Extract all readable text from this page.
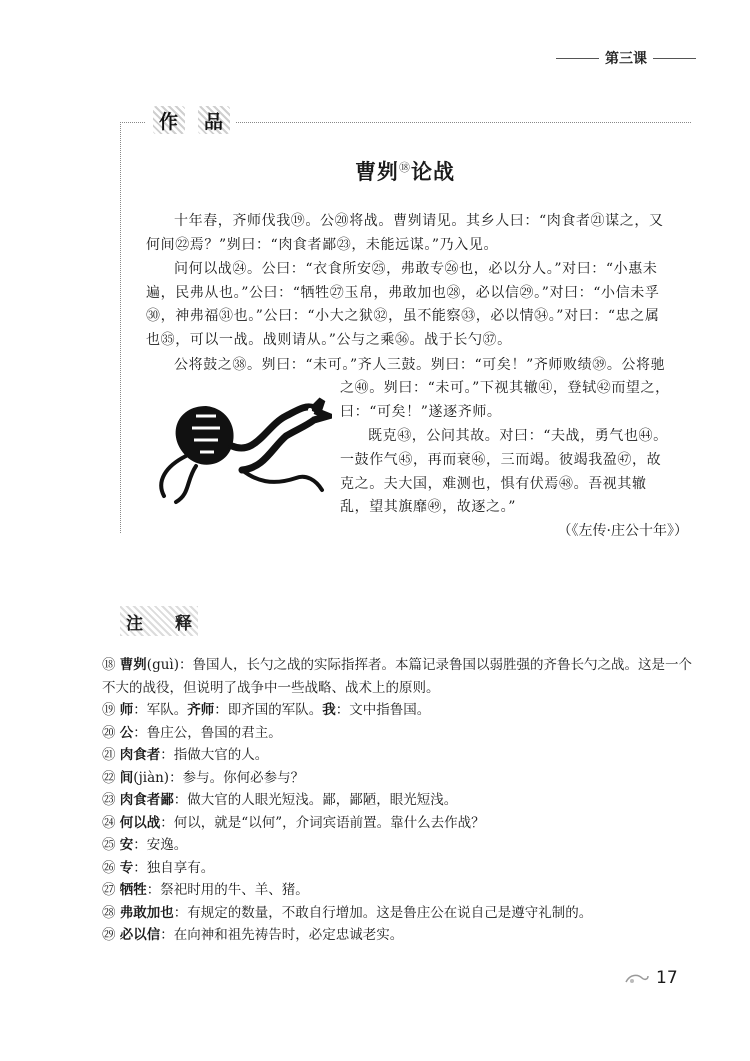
第三课
作	品
曹刿⑱论战

十年春，齐师伐我⑲。公⑳将战。曹刿请见。其乡人曰：“肉食者㉑谋之，又何间㉒焉？”刿曰：“肉食者鄙㉓，未能远谋。”乃入见。

问何以战㉔。公曰：“衣食所安㉕，弗敢专㉖也，必以分人。”对曰：“小惠未遍，民弗从也。”公曰：“牺牲㉗玉帛，弗敢加也㉘，必以信㉙。”对曰：“小信未孚㉚，神弗福㉛也。”公曰：“小大之狱㉜，虽不能察㉝，必以情㉞。”对曰：“忠之属也㉟，可以一战。战则请从。”公与之乘㊱。战于长勺㊲。

公将鼓之㊳。刿曰：“未可。”齐人三鼓。刿曰：“可矣！”齐师败绩㊴。公将驰

之㊵。刿曰：“未可。”下视其辙㊶，登轼㊷而望之，曰：“可矣！”遂逐齐师。

既克㊸，公问其故。对曰：“夫战，勇气也㊹。

一鼓作气㊺，再而衰㊻，三而竭。彼竭我盈㊼，故克之。夫大国，难测也，惧有伏焉㊽。吾视其辙乱，望其旗靡㊾，故逐之。”

（《左传·庄公十年》）
注 释
⑱ 曹刿(guì)：鲁国人，长勺之战的实际指挥者。本篇记录鲁国以弱胜强的齐鲁长勺之战。这是一个不大的战役，但说明了战争中一些战略、战术上的原则。
⑲ 师：军队。齐师：即齐国的军队。我：文中指鲁国。
⑳ 公：鲁庄公，鲁国的君主。
㉑ 肉食者：指做大官的人。
㉒ 间(jiàn)：参与。你何必参与？
㉓ 肉食者鄙：做大官的人眼光短浅。鄙，鄙陋，眼光短浅。
㉔ 何以战：何以，就是“以何”，介词宾语前置。靠什么去作战？
㉕ 安：安逸。
㉖ 专：独自享有。
㉗ 牺牲：祭祀时用的牛、羊、猪。
㉘ 弗敢加也：有规定的数量，不敢自行增加。这是鲁庄公在说自己是遵守礼制的。
㉙ 必以信：在向神和祖先祷告时，必定忠诚老实。
17
